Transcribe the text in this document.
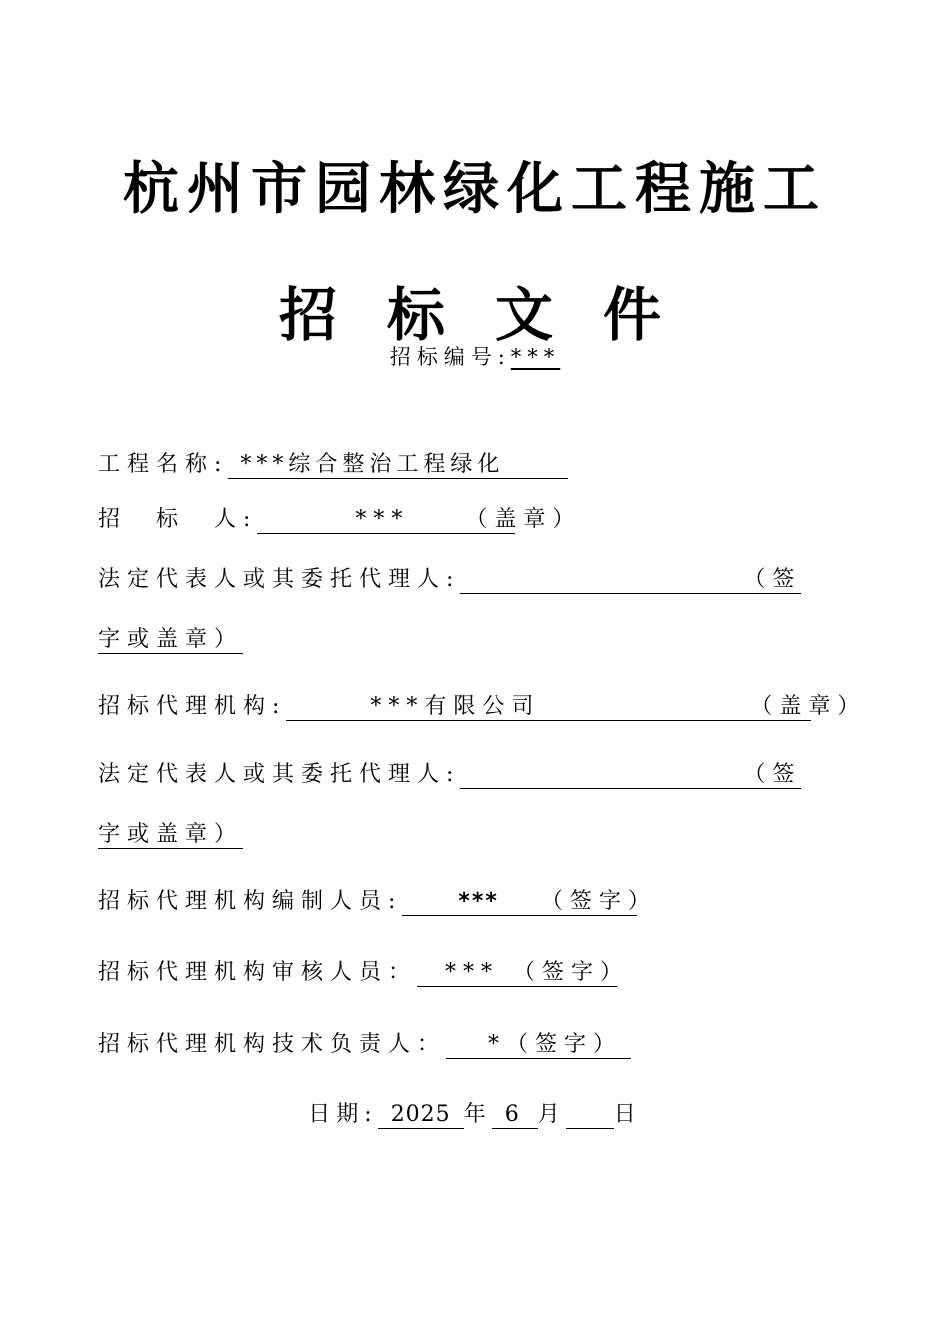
杭州市园林绿化工程施工
招标文件
招标编号:***
工程名称: ***综合整治工程绿化
招　标　人:	***	（盖章）
法定代表人或其委托代理人:	（签
字或盖章）
招标代理机构:	***有限公司	（盖章）
法定代表人或其委托代理人:	（签
字或盖章）
招标代理机构编制人员:	*** （签字）
招标代理机构审核人员： *** （签字）
招标代理机构技术负责人： *（签字）
日期: 2025 年 6 月 日
